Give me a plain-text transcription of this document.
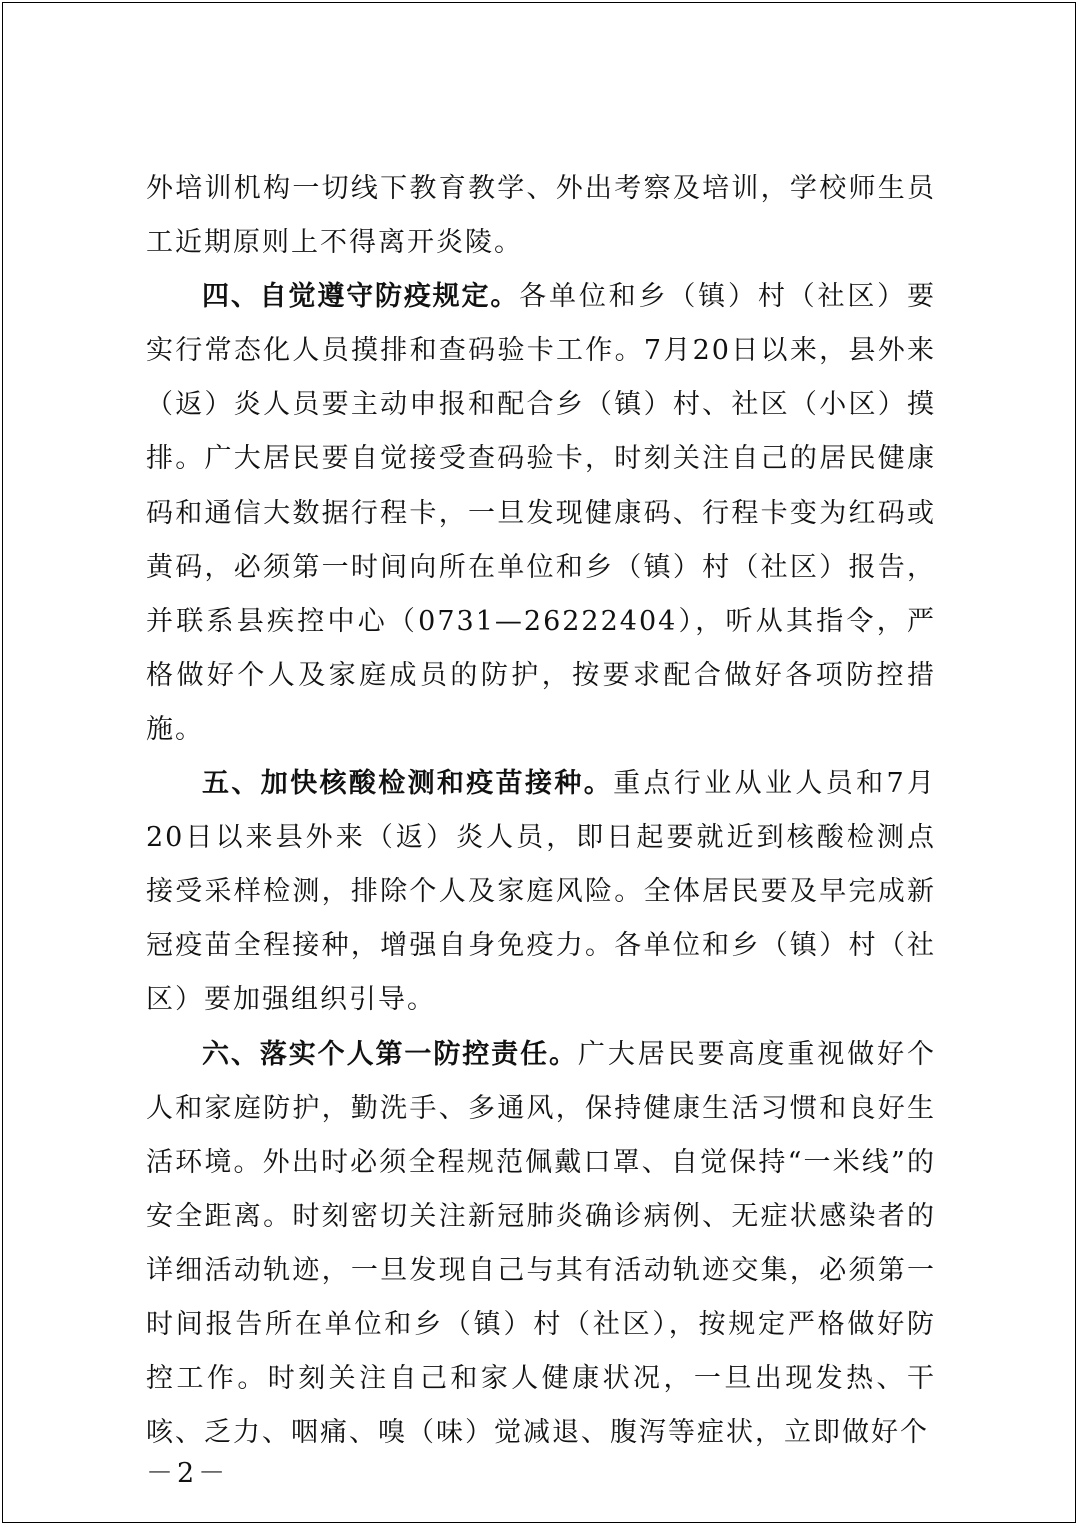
外培训机构一切线下教育教学、外出考察及培训，学校师生员工近期原则上不得离开炎陵。

四、自觉遵守防疫规定。各单位和乡（镇）村（社区）要实行常态化人员摸排和查码验卡工作。7月20日以来，县外来（返）炎人员要主动申报和配合乡（镇）村、社区（小区）摸排。广大居民要自觉接受查码验卡，时刻关注自己的居民健康码和通信大数据行程卡，一旦发现健康码、行程卡变为红码或黄码，必须第一时间向所在单位和乡（镇）村（社区）报告，并联系县疾控中心（0731—26222404），听从其指令，严格做好个人及家庭成员的防护，按要求配合做好各项防控措施。

五、加快核酸检测和疫苗接种。重点行业从业人员和7月20日以来县外来（返）炎人员，即日起要就近到核酸检测点接受采样检测，排除个人及家庭风险。全体居民要及早完成新冠疫苗全程接种，增强自身免疫力。各单位和乡（镇）村（社区）要加强组织引导。

六、落实个人第一防控责任。广大居民要高度重视做好个人和家庭防护，勤洗手、多通风，保持健康生活习惯和良好生活环境。外出时必须全程规范佩戴口罩、自觉保持“一米线”的安全距离。时刻密切关注新冠肺炎确诊病例、无症状感染者的详细活动轨迹，一旦发现自己与其有活动轨迹交集，必须第一时间报告所在单位和乡（镇）村（社区），按规定严格做好防控工作。时刻关注自己和家人健康状况，一旦出现发热、干咳、乏力、咽痛、嗅（味）觉减退、腹泻等症状，立即做好个

－2－
